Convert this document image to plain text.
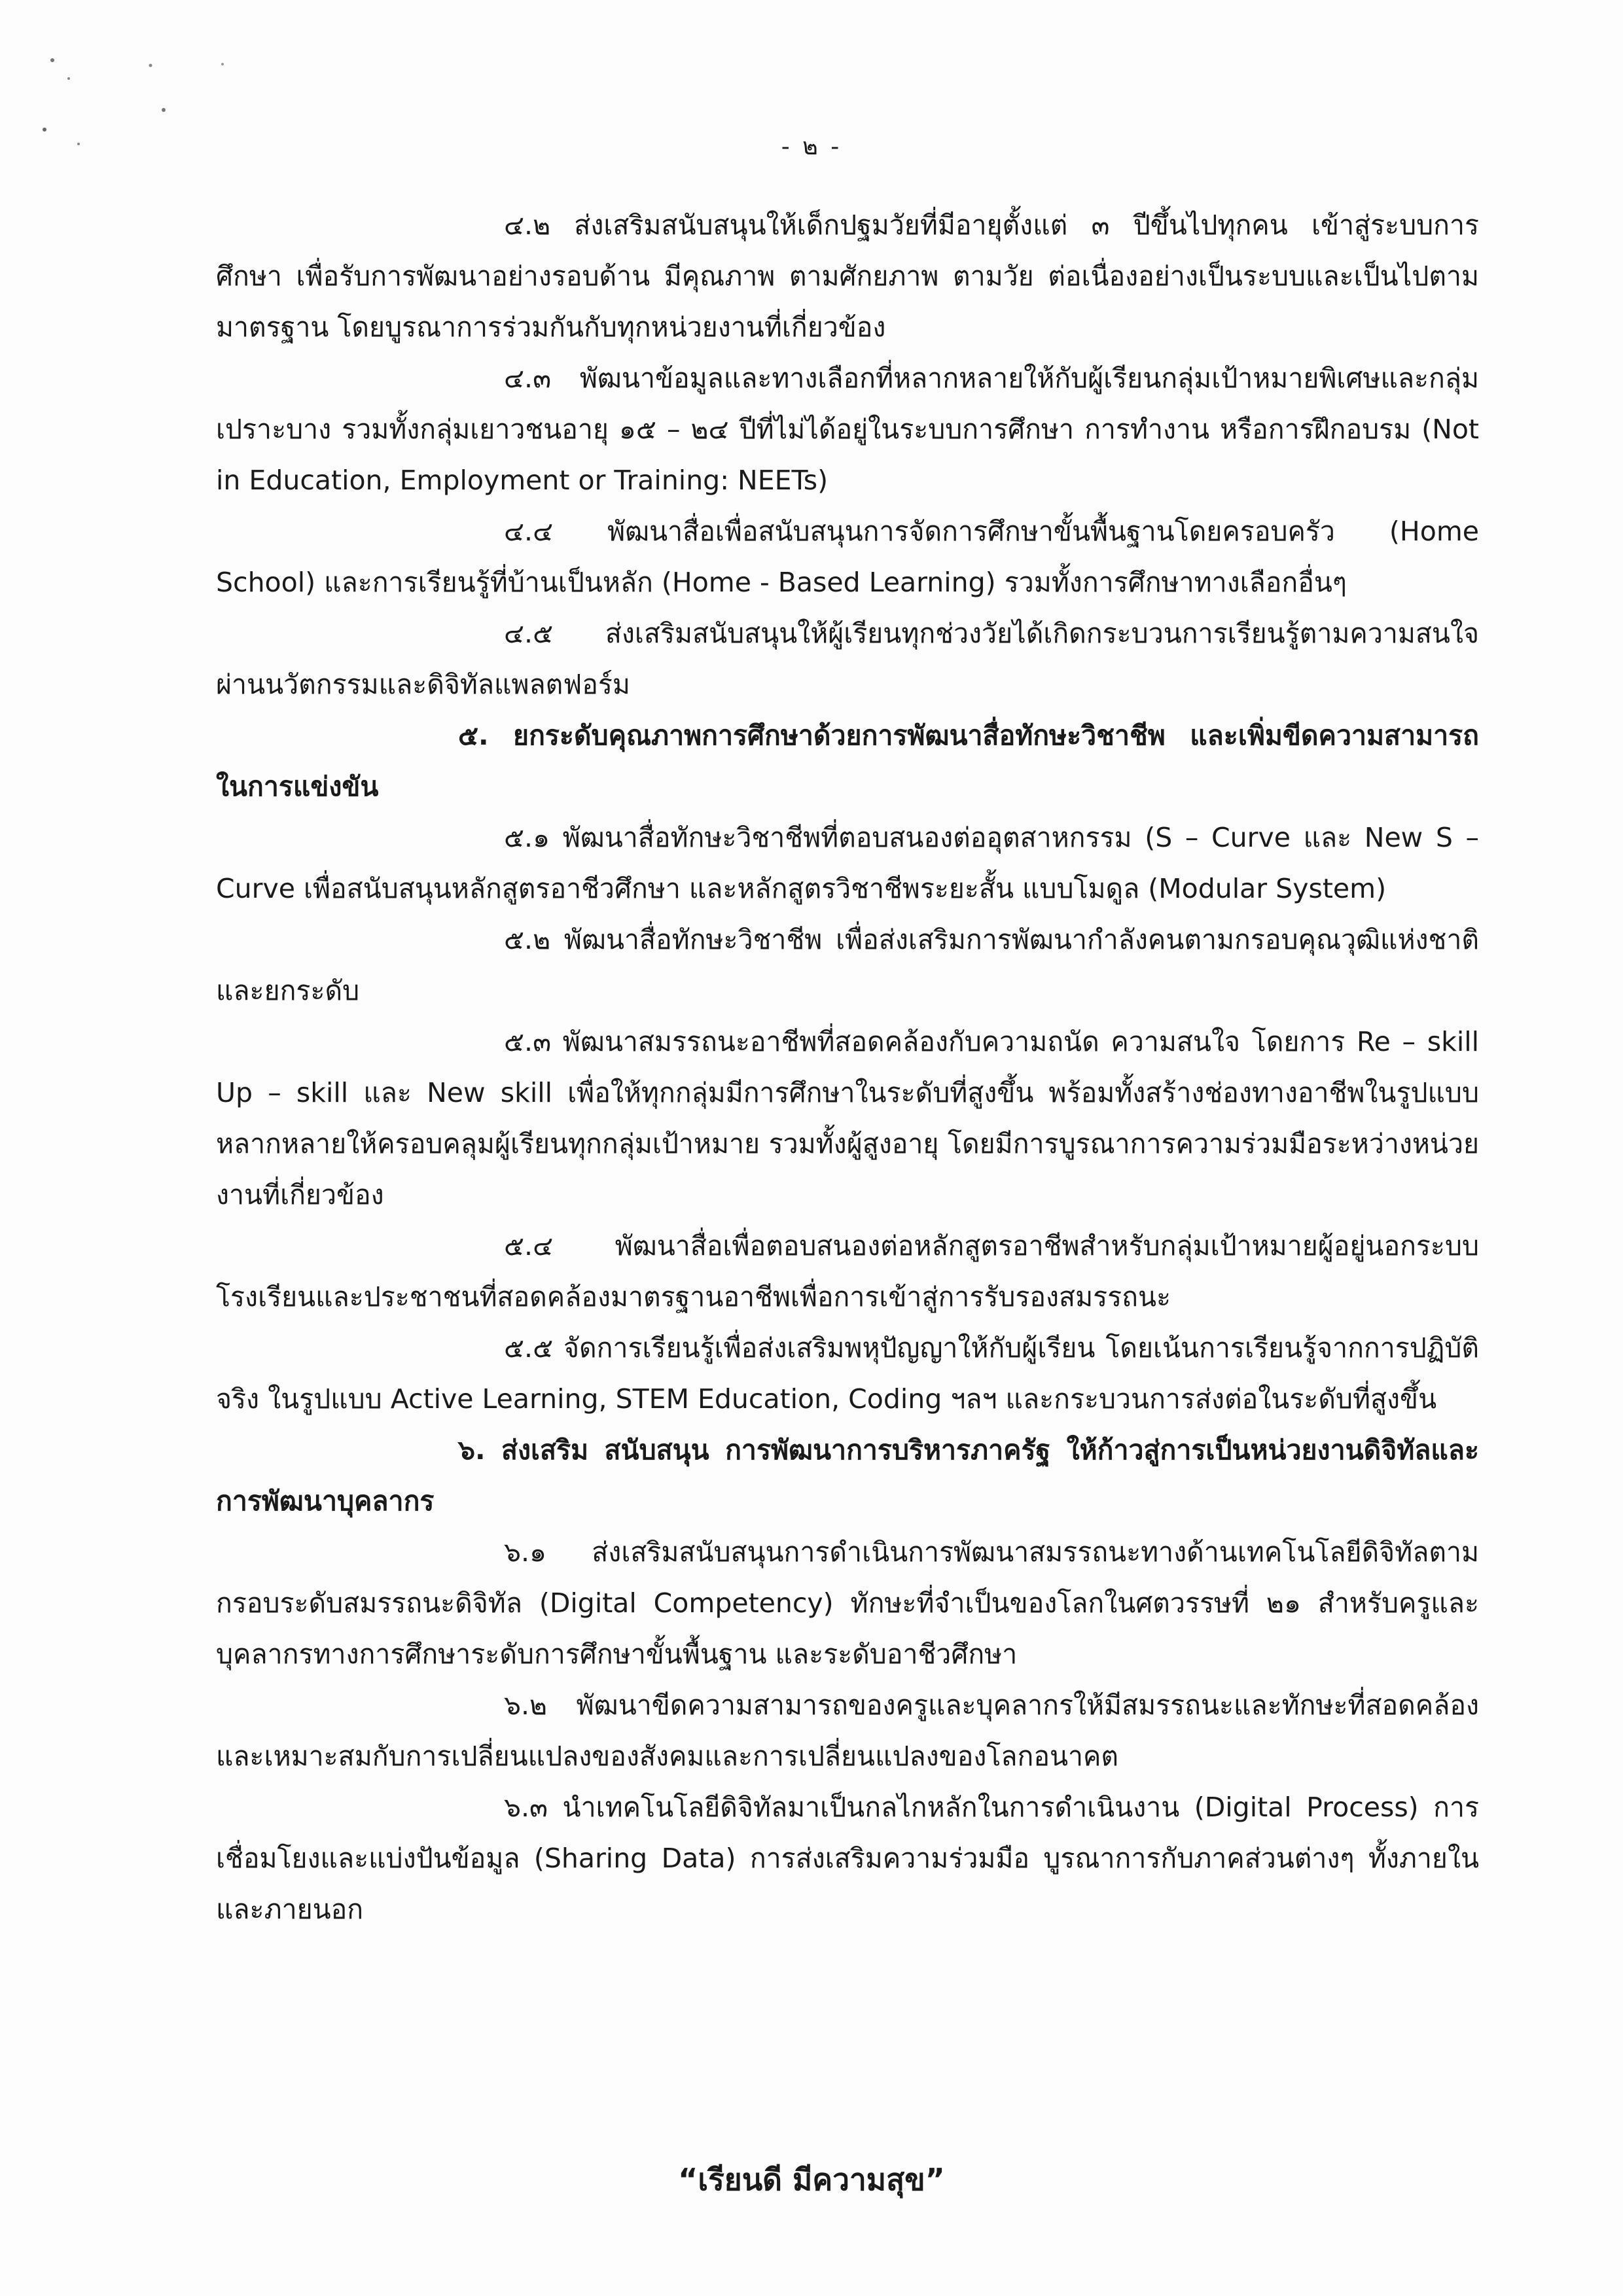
- ๒ -

๔.๒ ส่งเสริมสนับสนุนให้เด็กปฐมวัยที่มีอายุตั้งแต่ ๓ ปีขึ้นไปทุกคน เข้าสู่ระบบการศึกษา เพื่อรับการพัฒนาอย่างรอบด้าน มีคุณภาพ ตามศักยภาพ ตามวัย ต่อเนื่องอย่างเป็นระบบและเป็นไปตามมาตรฐาน โดยบูรณาการร่วมกันกับทุกหน่วยงานที่เกี่ยวข้อง

๔.๓ พัฒนาข้อมูลและทางเลือกที่หลากหลายให้กับผู้เรียนกลุ่มเป้าหมายพิเศษและกลุ่มเปราะบาง รวมทั้งกลุ่มเยาวชนอายุ ๑๕ – ๒๔ ปีที่ไม่ได้อยู่ในระบบการศึกษา การทำงาน หรือการฝึกอบรม (Not in Education, Employment or Training: NEETs)

๔.๔ พัฒนาสื่อเพื่อสนับสนุนการจัดการศึกษาขั้นพื้นฐานโดยครอบครัว (Home School) และการเรียนรู้ที่บ้านเป็นหลัก (Home - Based Learning) รวมทั้งการศึกษาทางเลือกอื่นๆ

๔.๕ ส่งเสริมสนับสนุนให้ผู้เรียนทุกช่วงวัยได้เกิดกระบวนการเรียนรู้ตามความสนใจ ผ่านนวัตกรรมและดิจิทัลแพลตฟอร์ม

๕. ยกระดับคุณภาพการศึกษาด้วยการพัฒนาสื่อทักษะวิชาชีพ และเพิ่มขีดความสามารถในการแข่งขัน

๕.๑ พัฒนาสื่อทักษะวิชาชีพที่ตอบสนองต่ออุตสาหกรรม (S – Curve และ New S – Curve เพื่อสนับสนุนหลักสูตรอาชีวศึกษา และหลักสูตรวิชาชีพระยะสั้น แบบโมดูล (Modular System)

๕.๒ พัฒนาสื่อทักษะวิชาชีพ เพื่อส่งเสริมการพัฒนากำลังคนตามกรอบคุณวุฒิแห่งชาติ และยกระดับ

๕.๓ พัฒนาสมรรถนะอาชีพที่สอดคล้องกับความถนัด ความสนใจ โดยการ Re – skill Up – skill และ New skill เพื่อให้ทุกกลุ่มมีการศึกษาในระดับที่สูงขึ้น พร้อมทั้งสร้างช่องทางอาชีพในรูปแบบหลากหลายให้ครอบคลุมผู้เรียนทุกกลุ่มเป้าหมาย รวมทั้งผู้สูงอายุ โดยมีการบูรณาการความร่วมมือระหว่างหน่วยงานที่เกี่ยวข้อง

๕.๔ พัฒนาสื่อเพื่อตอบสนองต่อหลักสูตรอาชีพสำหรับกลุ่มเป้าหมายผู้อยู่นอกระบบโรงเรียนและประชาชนที่สอดคล้องมาตรฐานอาชีพเพื่อการเข้าสู่การรับรองสมรรถนะ

๕.๕ จัดการเรียนรู้เพื่อส่งเสริมพหุปัญญาให้กับผู้เรียน โดยเน้นการเรียนรู้จากการปฏิบัติจริง ในรูปแบบ Active Learning, STEM Education, Coding ฯลฯ และกระบวนการส่งต่อในระดับที่สูงขึ้น

๖. ส่งเสริม สนับสนุน การพัฒนาการบริหารภาครัฐ ให้ก้าวสู่การเป็นหน่วยงานดิจิทัลและการพัฒนาบุคลากร

๖.๑ ส่งเสริมสนับสนุนการดำเนินการพัฒนาสมรรถนะทางด้านเทคโนโลยีดิจิทัลตามกรอบระดับสมรรถนะดิจิทัล (Digital Competency) ทักษะที่จำเป็นของโลกในศตวรรษที่ ๒๑ สำหรับครูและบุคลากรทางการศึกษาระดับการศึกษาขั้นพื้นฐาน และระดับอาชีวศึกษา

๖.๒ พัฒนาขีดความสามารถของครูและบุคลากรให้มีสมรรถนะและทักษะที่สอดคล้องและเหมาะสมกับการเปลี่ยนแปลงของสังคมและการเปลี่ยนแปลงของโลกอนาคต

๖.๓ นำเทคโนโลยีดิจิทัลมาเป็นกลไกหลักในการดำเนินงาน (Digital Process) การเชื่อมโยงและแบ่งปันข้อมูล (Sharing Data) การส่งเสริมความร่วมมือ บูรณาการกับภาคส่วนต่างๆ ทั้งภายในและภายนอก

“เรียนดี มีความสุข”
